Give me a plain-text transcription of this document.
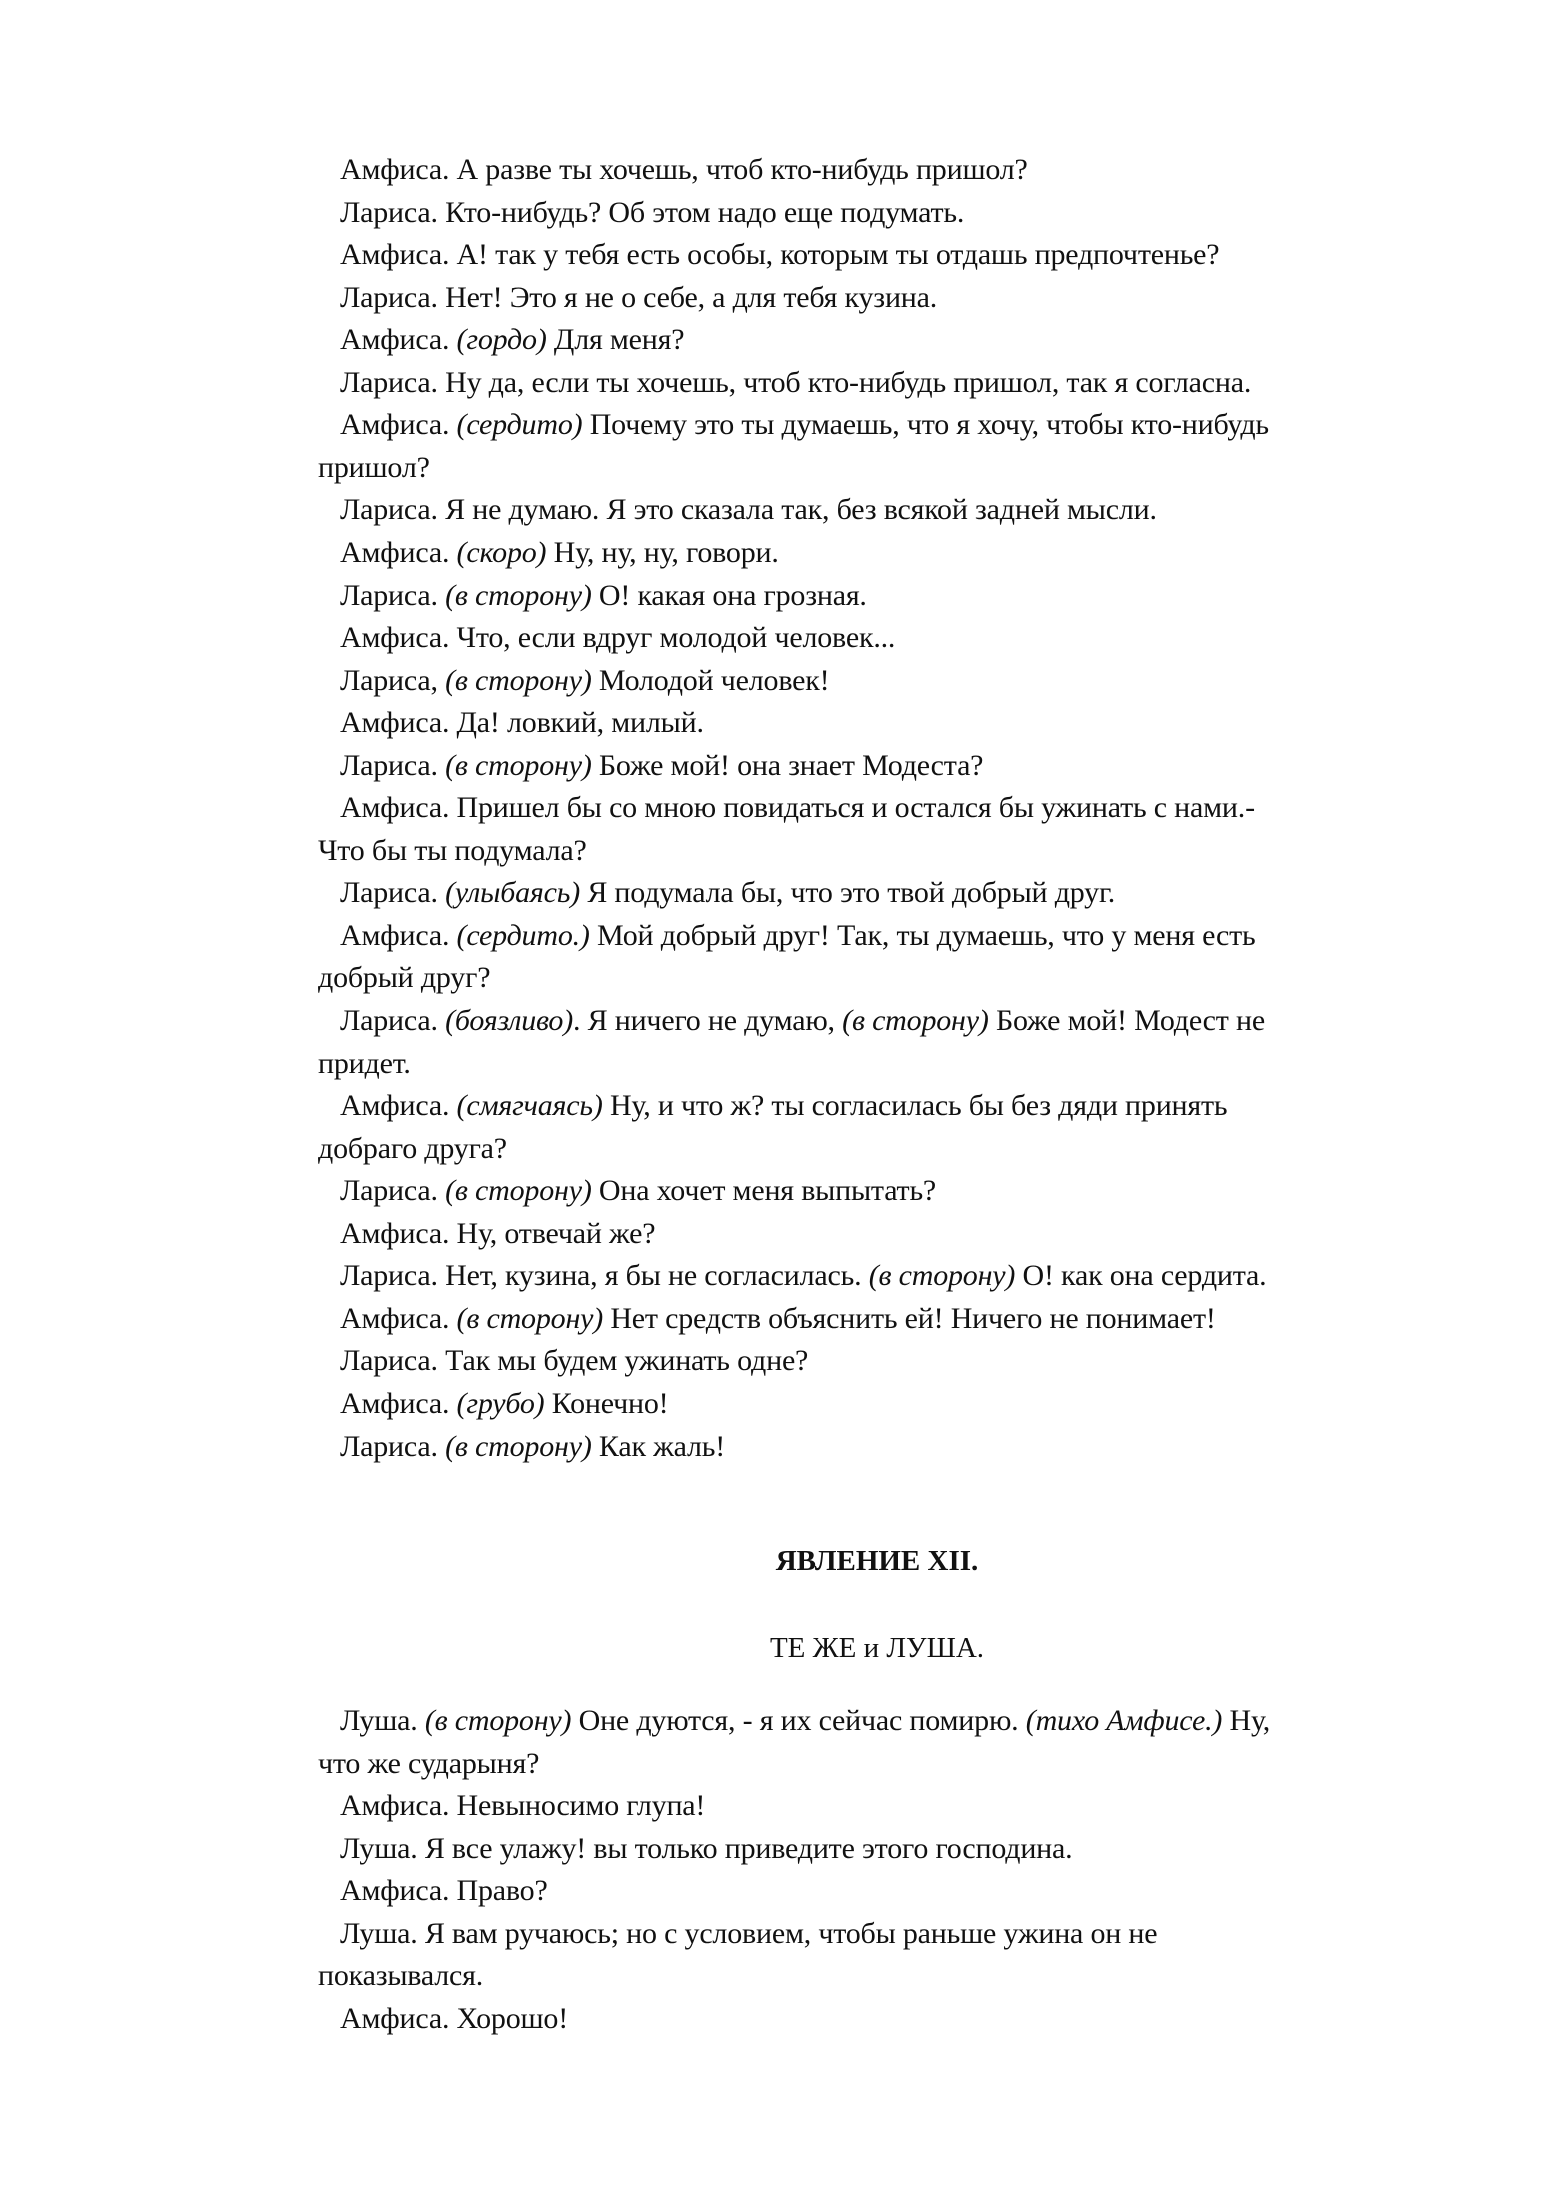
Амфиса. А разве ты хочешь, чтоб кто-нибудь пришол?
Лариса. Кто-нибудь? Об этом надо еще подумать.
Амфиса. А! так у тебя есть особы, которым ты отдашь предпочтенье?
Лариса. Нет! Это я не о себе, а для тебя кузина.
Амфиса. (гордо) Для меня?
Лариса. Ну да, если ты хочешь, чтоб кто-нибудь пришол, так я согласна.
Амфиса. (сердито) Почему это ты думаешь, что я хочу, чтобы кто-нибудь
пришол?
Лариса. Я не думаю. Я это сказала так, без всякой задней мысли.
Амфиса. (скоро) Ну, ну, ну, говори.
Лариса. (в сторону) О! какая она грозная.
Амфиса. Что, если вдруг молодой человек...
Лариса, (в сторону) Молодой человек!
Амфиса. Да! ловкий, милый.
Лариса. (в сторону) Боже мой! она знает Модеста?
Амфиса. Пришел бы со мною повидаться и остался бы ужинать с нами.-
Что бы ты подумала?
Лариса. (улыбаясь) Я подумала бы, что это твой добрый друг.
Амфиса. (сердито.) Мой добрый друг! Так, ты думаешь, что у меня есть
добрый друг?
Лариса. (боязливо). Я ничего не думаю, (в сторону) Боже мой! Модест не
придет.
Амфиса. (смягчаясь) Ну, и что ж? ты согласилась бы без дяди принять
добраго друга?
Лариса. (в сторону) Она хочет меня выпытать?
Амфиса. Ну, отвечай же?
Лариса. Нет, кузина, я бы не согласилась. (в сторону) О! как она сердита.
Амфиса. (в сторону) Нет средств объяснить ей! Ничего не понимает!
Лариса. Так мы будем ужинать одне?
Амфиса. (грубо) Конечно!
Лариса. (в сторону) Как жаль!
ЯВЛЕНИЕ XII.
ТЕ ЖЕ и ЛУША.
Луша. (в сторону) Оне дуются, - я их сейчас помирю. (тихо Амфисе.) Ну,
что же сударыня?
Амфиса. Невыносимо глупа!
Луша. Я все улажу! вы только приведите этого господина.
Амфиса. Право?
Луша. Я вам ручаюсь; но с условием, чтобы раньше ужина он не
показывался.
Амфиса. Хорошо!
